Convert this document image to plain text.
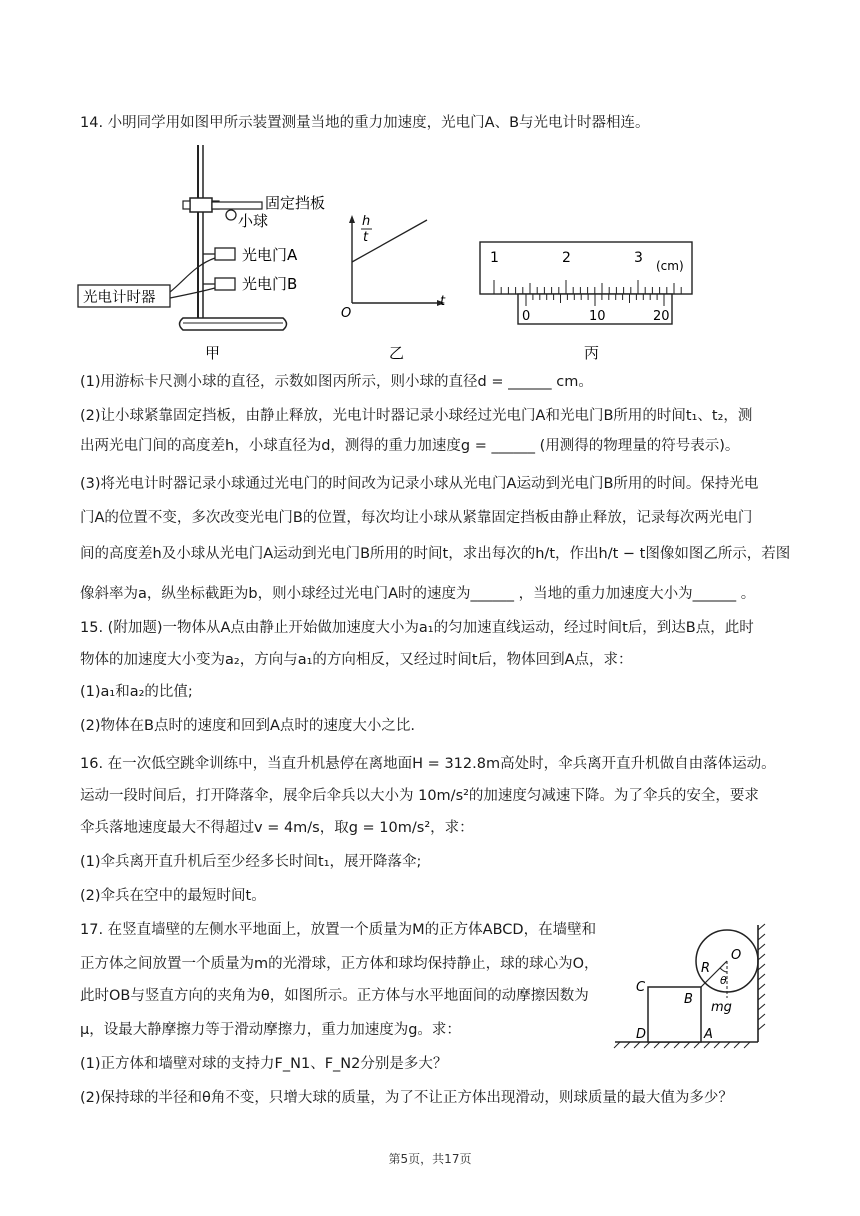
14. 小明同学用如图甲所示装置测量当地的重力加速度，光电门A、B与光电计时器相连。
固定挡板
小球
光电门A
光电门B
光电计时器
甲
h
t
O
t
乙
1	2	3 (cm)
0	10	20
丙
(1)用游标卡尺测小球的直径，示数如图丙所示，则小球的直径d = ______ cm。
(2)让小球紧靠固定挡板，由静止释放，光电计时器记录小球经过光电门A和光电门B所用的时间t₁、t₂，测
出两光电门间的高度差h，小球直径为d，测得的重力加速度g = ______ (用测得的物理量的符号表示)。
(3)将光电计时器记录小球通过光电门的时间改为记录小球从光电门A运动到光电门B所用的时间。保持光电
门A的位置不变，多次改变光电门B的位置，每次均让小球从紧靠固定挡板由静止释放，记录每次两光电门
间的高度差h及小球从光电门A运动到光电门B所用的时间t，求出每次的h/t，作出h/t − t图像如图乙所示，若图
像斜率为a，纵坐标截距为b，则小球经过光电门A时的速度为______ ，当地的重力加速度大小为______ 。
15. (附加题)一物体从A点由静止开始做加速度大小为a₁的匀加速直线运动，经过时间t后，到达B点，此时
物体的加速度大小变为a₂，方向与a₁的方向相反，又经过时间t后，物体回到A点，求：
(1)a₁和a₂的比值;
(2)物体在B点时的速度和回到A点时的速度大小之比.
16. 在一次低空跳伞训练中，当直升机悬停在离地面H = 312.8m高处时，伞兵离开直升机做自由落体运动。
运动一段时间后，打开降落伞，展伞后伞兵以大小为 10m/s²的加速度匀减速下降。为了伞兵的安全，要求
伞兵落地速度最大不得超过v = 4m/s，取g = 10m/s²，求：
(1)伞兵离开直升机后至少经多长时间t₁，展开降落伞;
(2)伞兵在空中的最短时间t。
17. 在竖直墙壁的左侧水平地面上，放置一个质量为M的正方体ABCD，在墙壁和
正方体之间放置一个质量为m的光滑球，正方体和球均保持静止，球的球心为O，
此时OB与竖直方向的夹角为θ，如图所示。正方体与水平地面间的动摩擦因数为
μ，设最大静摩擦力等于滑动摩擦力，重力加速度为g。求：
(1)正方体和墙壁对球的支持力F_N1、F_N2分别是多大？
(2)保持球的半径和θ角不变，只增大球的质量，为了不让正方体出现滑动，则球质量的最大值为多少？
O
R
θ
mg
B
C
D	A
第5页，共17页
